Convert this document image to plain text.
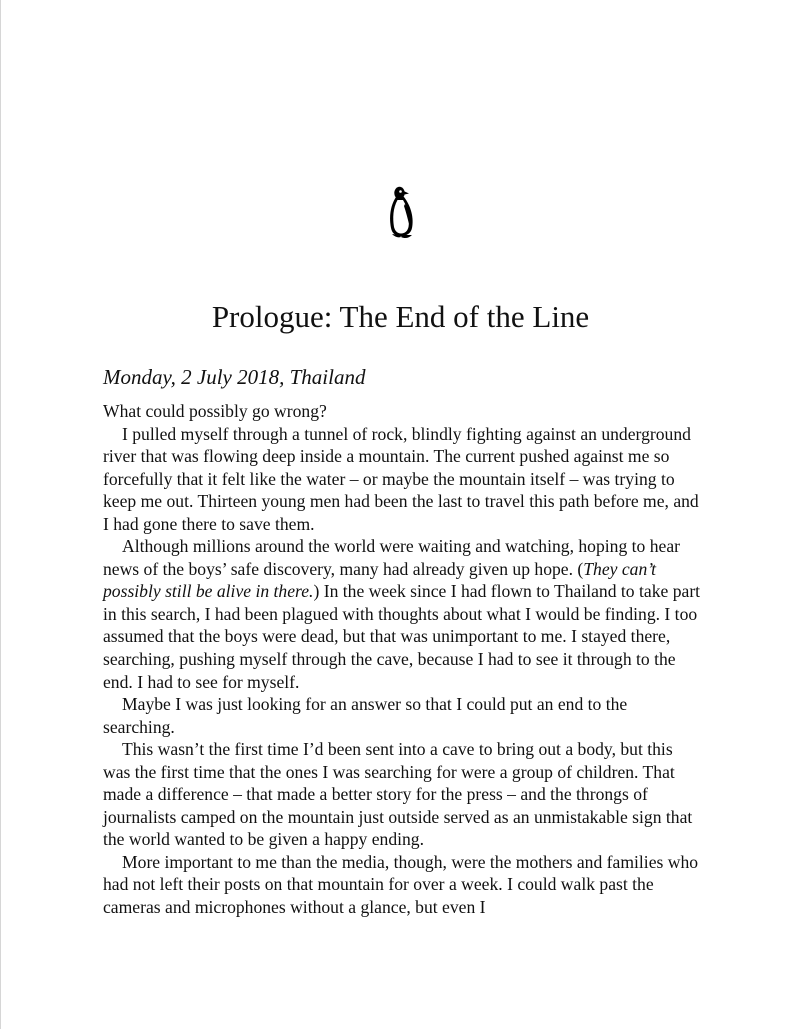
Prologue: The End of the Line

Monday, 2 July 2018, Thailand

What could possibly go wrong?

I pulled myself through a tunnel of rock, blindly fighting against an underground river that was flowing deep inside a mountain. The current pushed against me so forcefully that it felt like the water – or maybe the mountain itself – was trying to keep me out. Thirteen young men had been the last to travel this path before me, and I had gone there to save them.

Although millions around the world were waiting and watching, hoping to hear news of the boys’ safe discovery, many had already given up hope. (They can’t possibly still be alive in there.) In the week since I had flown to Thailand to take part in this search, I had been plagued with thoughts about what I would be finding. I too assumed that the boys were dead, but that was unimportant to me. I stayed there, searching, pushing myself through the cave, because I had to see it through to the end. I had to see for myself.

Maybe I was just looking for an answer so that I could put an end to the searching.

This wasn’t the first time I’d been sent into a cave to bring out a body, but this was the first time that the ones I was searching for were a group of children. That made a difference – that made a better story for the press – and the throngs of journalists camped on the mountain just outside served as an unmistakable sign that the world wanted to be given a happy ending.

More important to me than the media, though, were the mothers and families who had not left their posts on that mountain for over a week. I could walk past the cameras and microphones without a glance, but even I
